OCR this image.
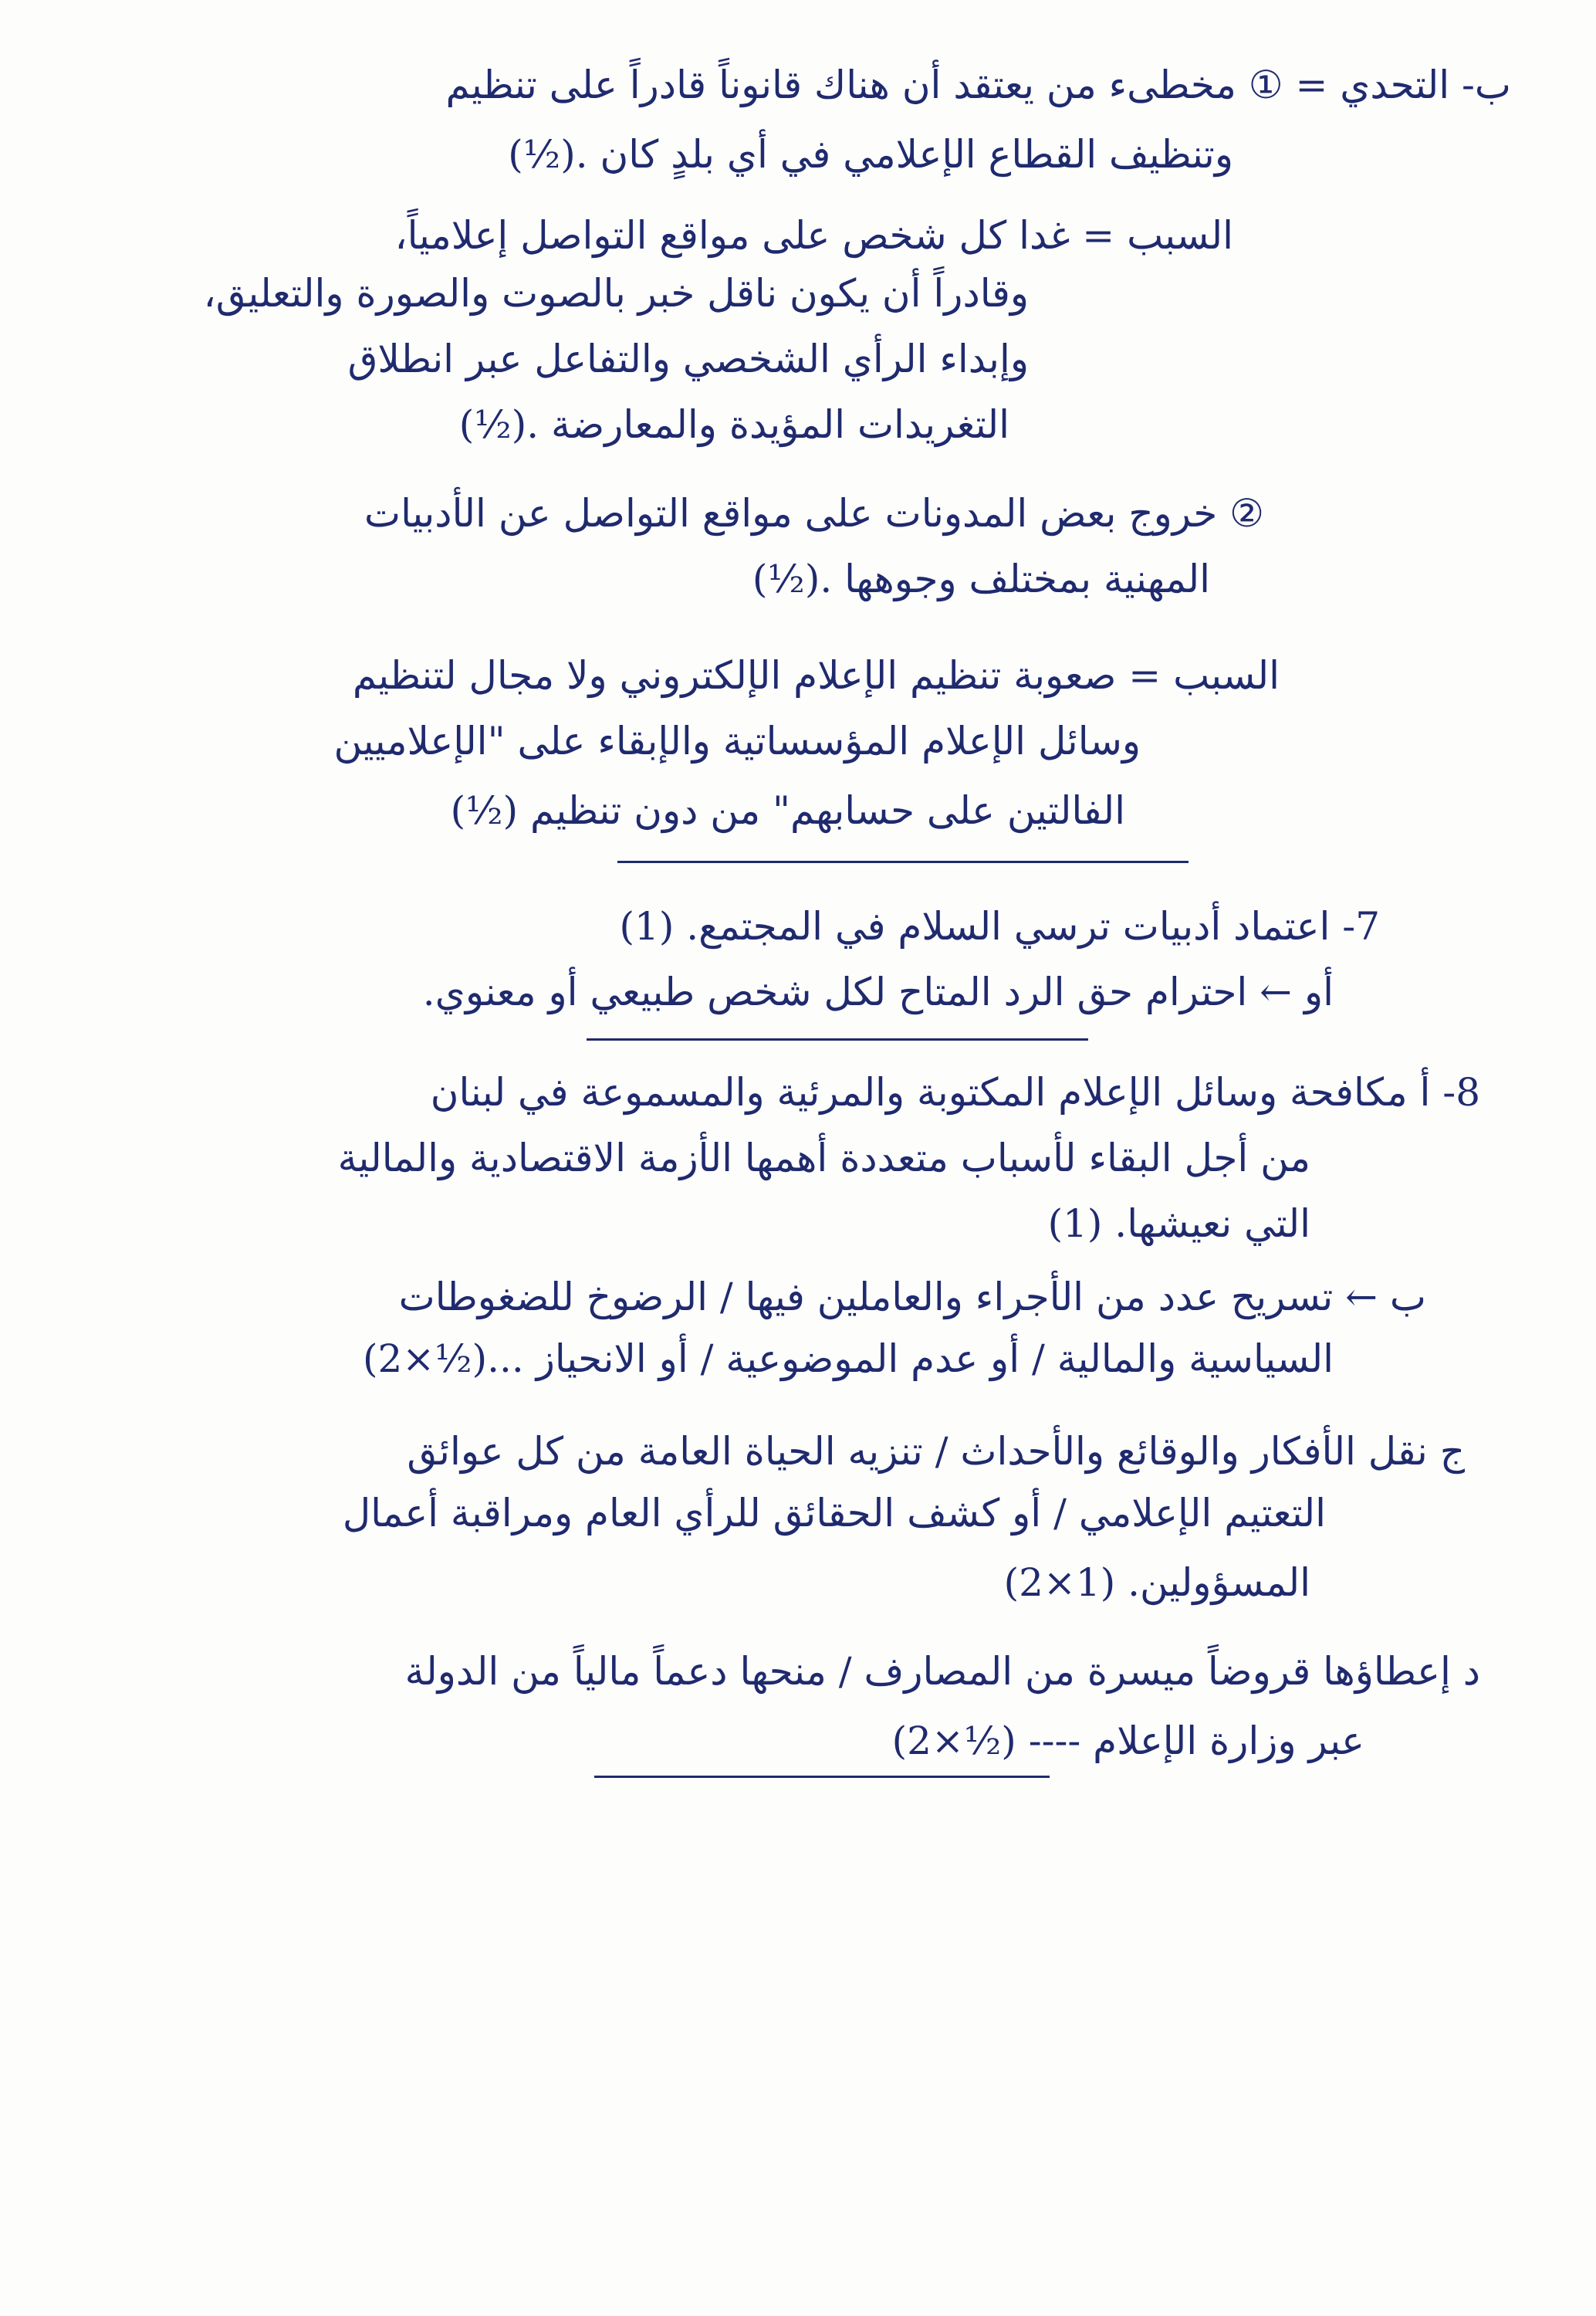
ب- التحدي = ① مخطىء من يعتقد أن هناك قانوناً قادراً على تنظيم
وتنظيف القطاع الإعلامي في أي بلدٍ كان .(½)
السبب = غدا كل شخص على مواقع التواصل إعلامياً،
وقادراً أن يكون ناقل خبر بالصوت والصورة والتعليق،
وإبداء الرأي الشخصي والتفاعل عبر انطلاق
التغريدات المؤيدة والمعارضة .(½)
② خروج بعض المدونات على مواقع التواصل عن الأدبيات
المهنية بمختلف وجوهها .(½)
السبب = صعوبة تنظيم الإعلام الإلكتروني ولا مجال لتنظيم
وسائل الإعلام المؤسساتية والإبقاء على "الإعلاميين
الفالتين على حسابهم" من دون تنظيم (½)
7- اعتماد أدبيات ترسي السلام في المجتمع. (1)
أو ← احترام حق الرد المتاح لكل شخص طبيعي أو معنوي.
8- أ مكافحة وسائل الإعلام المكتوبة والمرئية والمسموعة في لبنان
من أجل البقاء لأسباب متعددة أهمها الأزمة الاقتصادية والمالية
التي نعيشها. (1)
ب ← تسريح عدد من الأجراء والعاملين فيها / الرضوخ للضغوطات
السياسية والمالية / أو عدم الموضوعية / أو الانحياز ...(½×2)
ج نقل الأفكار والوقائع والأحداث / تنزيه الحياة العامة من كل عوائق
التعتيم الإعلامي / أو كشف الحقائق للرأي العام ومراقبة أعمال
المسؤولين. (1×2)
د إعطاؤها قروضاً ميسرة من المصارف / منحها دعماً مالياً من الدولة
عبر وزارة الإعلام ---- (½×2)
